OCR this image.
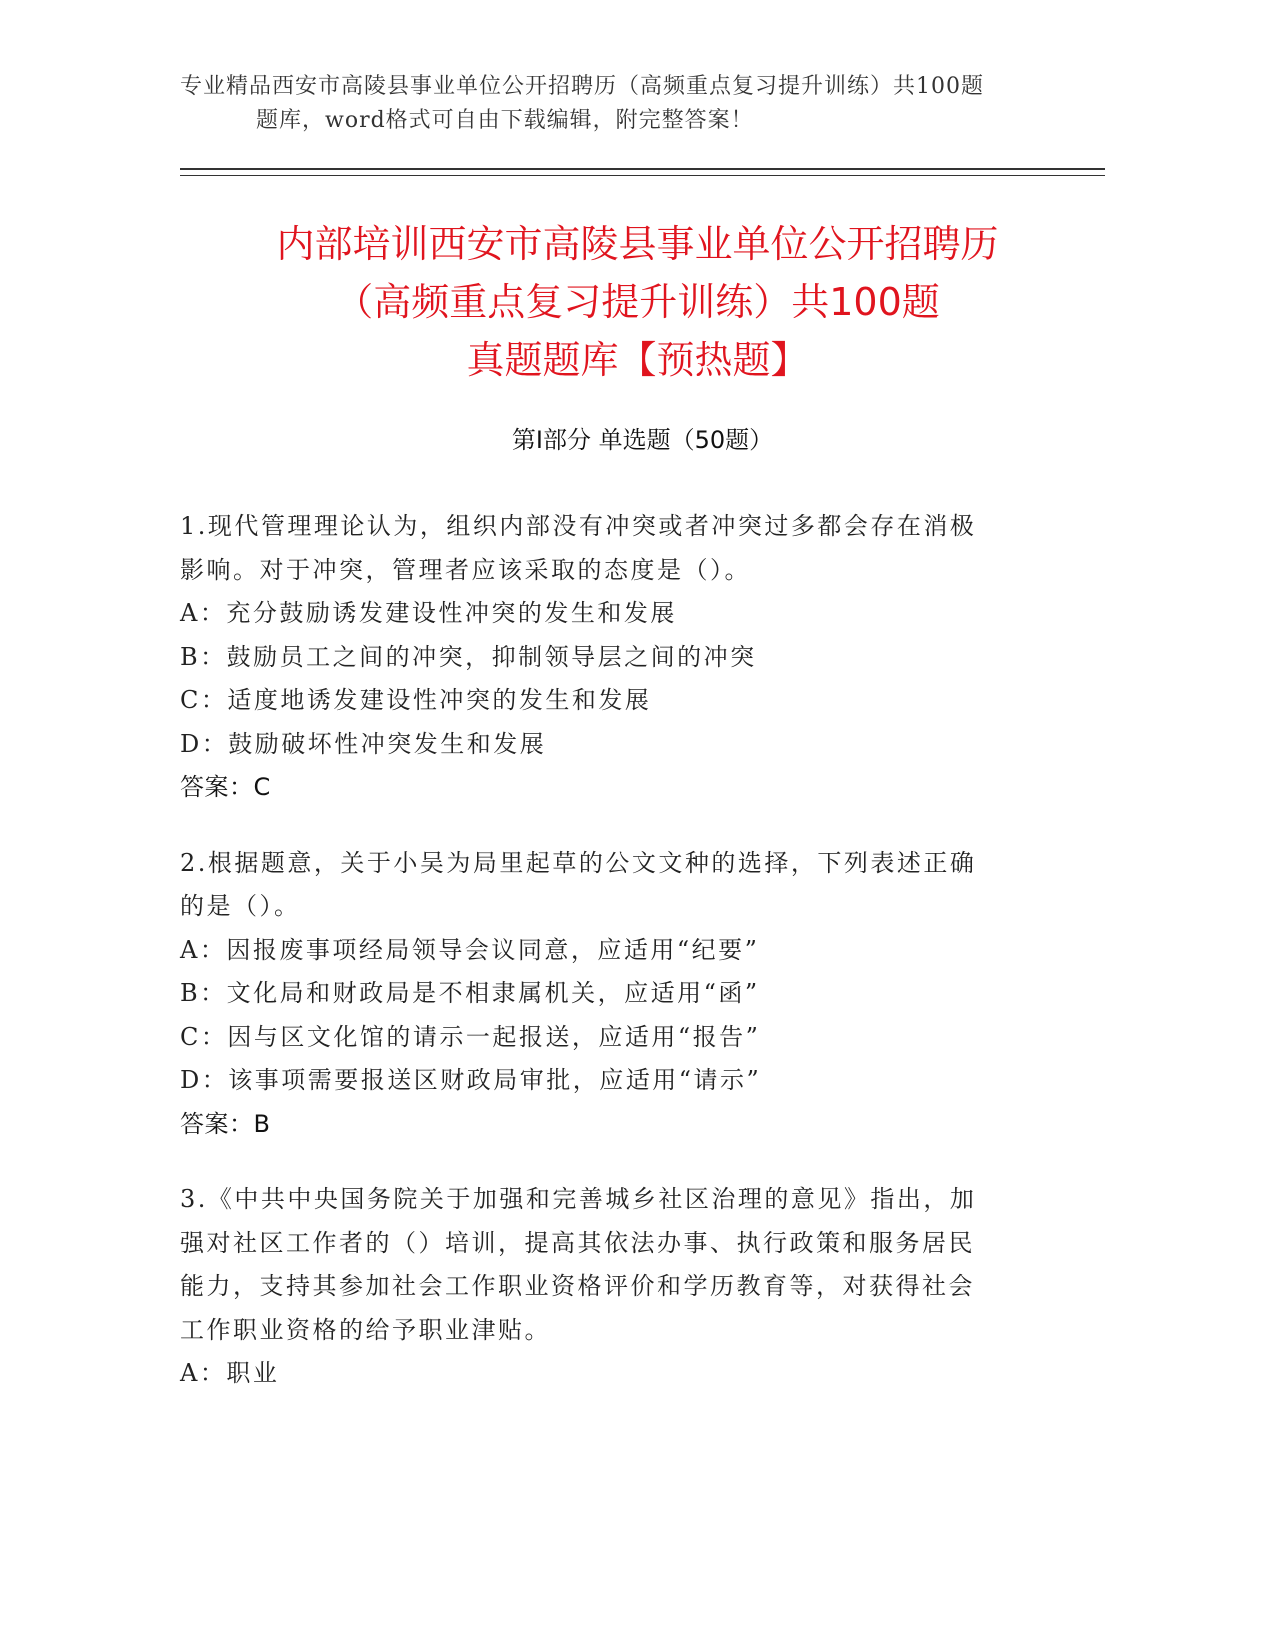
专业精品西安市高陵县事业单位公开招聘历（高频重点复习提升训练）共100题
题库，word格式可自由下载编辑，附完整答案！
内部培训西安市高陵县事业单位公开招聘历
（高频重点复习提升训练）共100题
真题题库【预热题】
第Ⅰ部分 单选题（50题）
1.现代管理理论认为，组织内部没有冲突或者冲突过多都会存在消极
影响。对于冲突，管理者应该采取的态度是（）。
A：充分鼓励诱发建设性冲突的发生和发展
B：鼓励员工之间的冲突，抑制领导层之间的冲突
C：适度地诱发建设性冲突的发生和发展
D：鼓励破坏性冲突发生和发展
答案：C
2.根据题意，关于小吴为局里起草的公文文种的选择，下列表述正确
的是（）。
A：因报废事项经局领导会议同意，应适用“纪要”
B：文化局和财政局是不相隶属机关，应适用“函”
C：因与区文化馆的请示一起报送，应适用“报告”
D：该事项需要报送区财政局审批，应适用“请示”
答案：B
3.《中共中央国务院关于加强和完善城乡社区治理的意见》指出，加
强对社区工作者的（）培训，提高其依法办事、执行政策和服务居民
能力，支持其参加社会工作职业资格评价和学历教育等，对获得社会
工作职业资格的给予职业津贴。
A：职业
